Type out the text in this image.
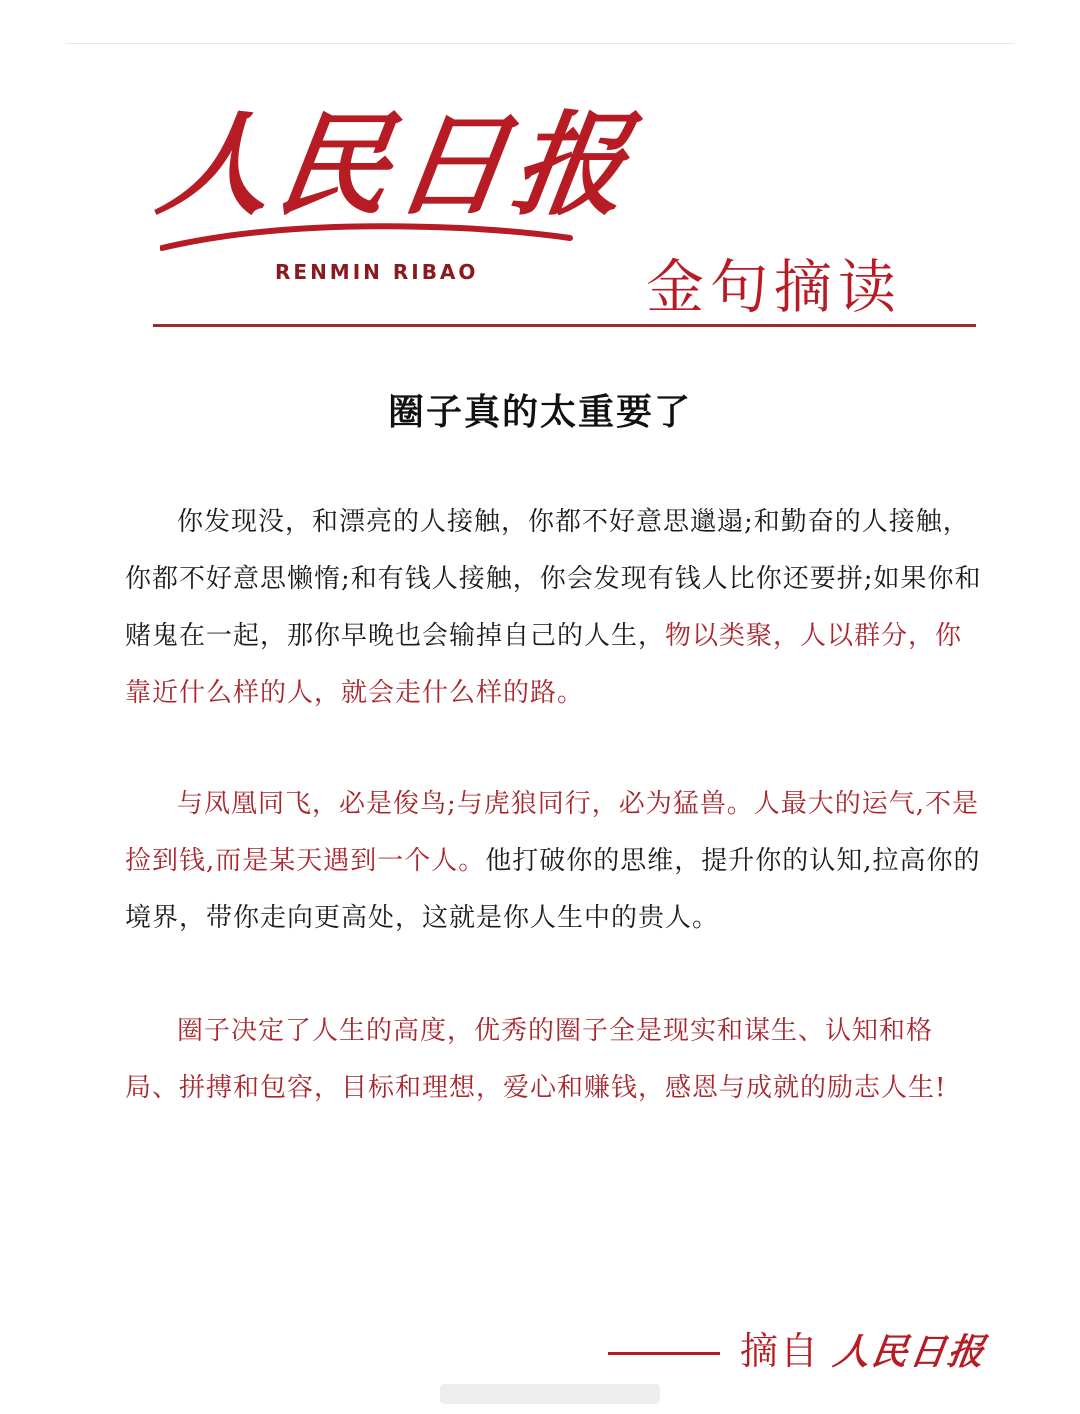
人民日报
RENMIN RIBAO	金句摘读
圈子真的太重要了

你发现没，和漂亮的人接触，你都不好意思邋遢;和勤奋的人接触，你都不好意思懒惰;和有钱人接触，你会发现有钱人比你还要拼;如果你和赌鬼在一起，那你早晚也会输掉自己的人生，物以类聚，人以群分，你靠近什么样的人，就会走什么样的路。

与凤凰同飞，必是俊鸟;与虎狼同行，必为猛兽。人最大的运气,不是捡到钱,而是某天遇到一个人。他打破你的思维，提升你的认知,拉高你的境界，带你走向更高处，这就是你人生中的贵人。

圈子决定了人生的高度，优秀的圈子全是现实和谋生、认知和格局、拼搏和包容，目标和理想，爱心和赚钱，感恩与成就的励志人生!

摘自 人民日报
